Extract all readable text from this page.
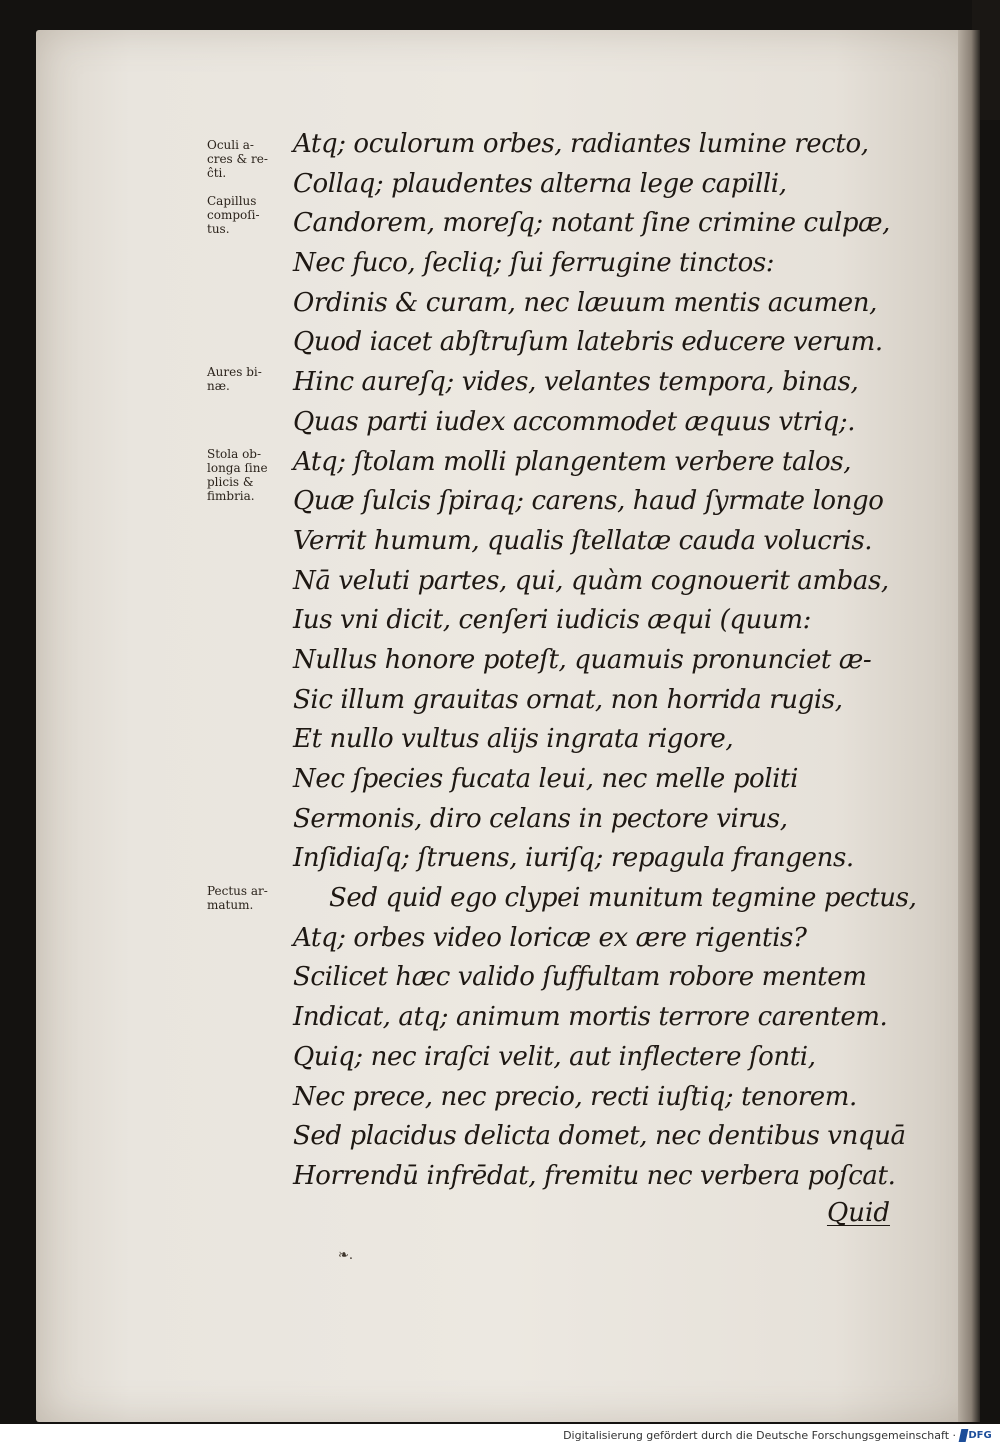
Oculi a-
cres & re-
ĉti.

Capillus
compoſi-
tus.

Aures bi-
næ.

Stola ob-
longa ſine
plicis &
fimbria.

Pectus ar-
matum.

Atq; oculorum orbes, radiantes lumine recto,

Collaq; plaudentes alterna lege capilli,

Candorem, moreſq; notant ſine crimine culpæ,

Nec fuco, ſecliq; ſui ferrugine tinctos:

Ordinis & curam, nec læuum mentis acumen,

Quod iacet abſtruſum latebris educere verum.

Hinc aureſq; vides, velantes tempora, binas,

Quas parti iudex accommodet æquus vtriq;.

Atq; ſtolam molli plangentem verbere talos,

Quæ ſulcis ſpiraq; carens, haud ſyrmate longo

Verrit humum, qualis ſtellatæ cauda volucris.

Nā veluti partes, qui, quàm cognouerit ambas,

Ius vni dicit, cenſeri iudicis æqui (quum:

Nullus honore poteſt, quamuis pronunciet æ-

Sic illum grauitas ornat, non horrida rugis,

Et nullo vultus alijs ingrata rigore,

Nec ſpecies fucata leui, nec melle politi

Sermonis, diro celans in pectore virus,

Inſidiaſq; ſtruens, iuriſq; repagula frangens.

Sed quid ego clypei munitum tegmine pectus,

Atq; orbes video loricæ ex ære rigentis?

Scilicet hæc valido ſuffultam robore mentem

Indicat, atq; animum mortis terrore carentem.

Quiq; nec iraſci velit, aut inflectere ſonti,

Nec prece, nec precio, recti iuſtiq; tenorem.

Sed placidus delicta domet, nec dentibus vnquā

Horrendū infrēdat, fremitu nec verbera poſcat.

Quid

❧.

Digitalisierung gefördert durch die Deutsche Forschungsgemeinschaft · DFG
